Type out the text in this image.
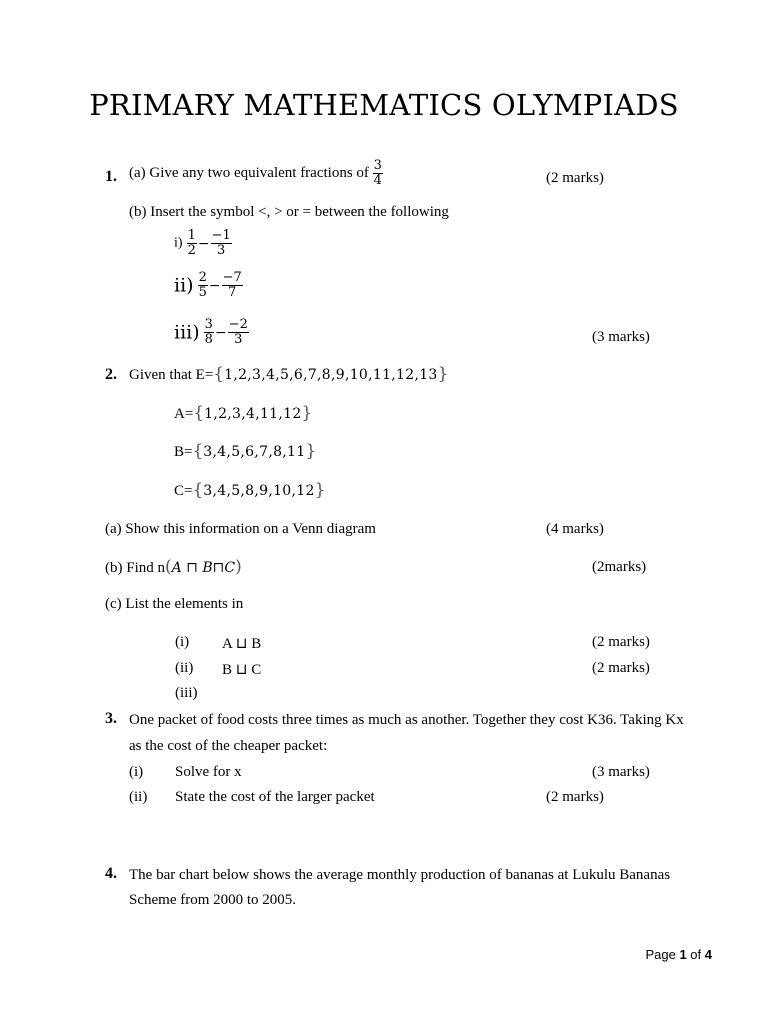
PRIMARY MATHEMATICS OLYMPIADS
1. (a) Give any two equivalent fractions of $\frac{3}{4}$	(2 marks)
(b) Insert the symbol <, > or = between the following
$i) \frac{1}{2} - \frac{-1}{3}$
$ii) \frac{2}{5} - \frac{-7}{7}$
$iii) \frac{3}{8} - \frac{-2}{3}$	(3 marks)
2. Given that E={1,2,3,4,5,6,7,8,9,10,11,12,13}
A={1,2,3,4,11,12}
B={3,4,5,6,7,8,11}
C={3,4,5,8,9,10,12}
(a) Show this information on a Venn diagram	(4 marks)
(b) Find n(A ⊓ B⊓C)	(2marks)
(c) List the elements in
(i) A ⊔ B	(2 marks)
(ii) B ⊔ C	(2 marks)
(iii)
3. One packet of food costs three times as much as another. Together they cost K36. Taking Kx
as the cost of the cheaper packet:
(i) Solve for x	(3 marks)
(ii) State the cost of the larger packet	(2 marks)
4. The bar chart below shows the average monthly production of bananas at Lukulu Bananas
Scheme from 2000 to 2005.
Page 1 of 4
